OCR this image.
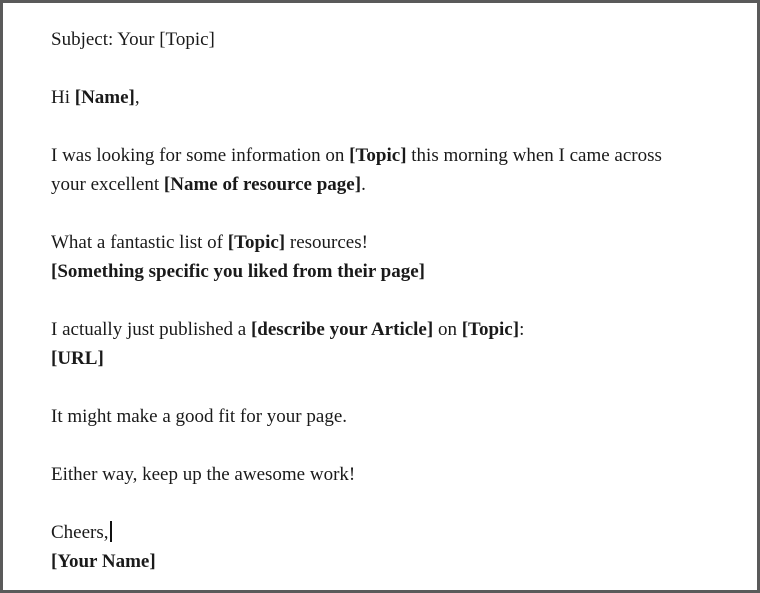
Subject: Your [Topic]

Hi [Name],

I was looking for some information on [Topic] this morning when I came across
your excellent [Name of resource page].

What a fantastic list of [Topic] resources!
[Something specific you liked from their page]

I actually just published a [describe your Article] on [Topic]:
[URL]

It might make a good fit for your page.

Either way, keep up the awesome work!

Cheers,
[Your Name]
